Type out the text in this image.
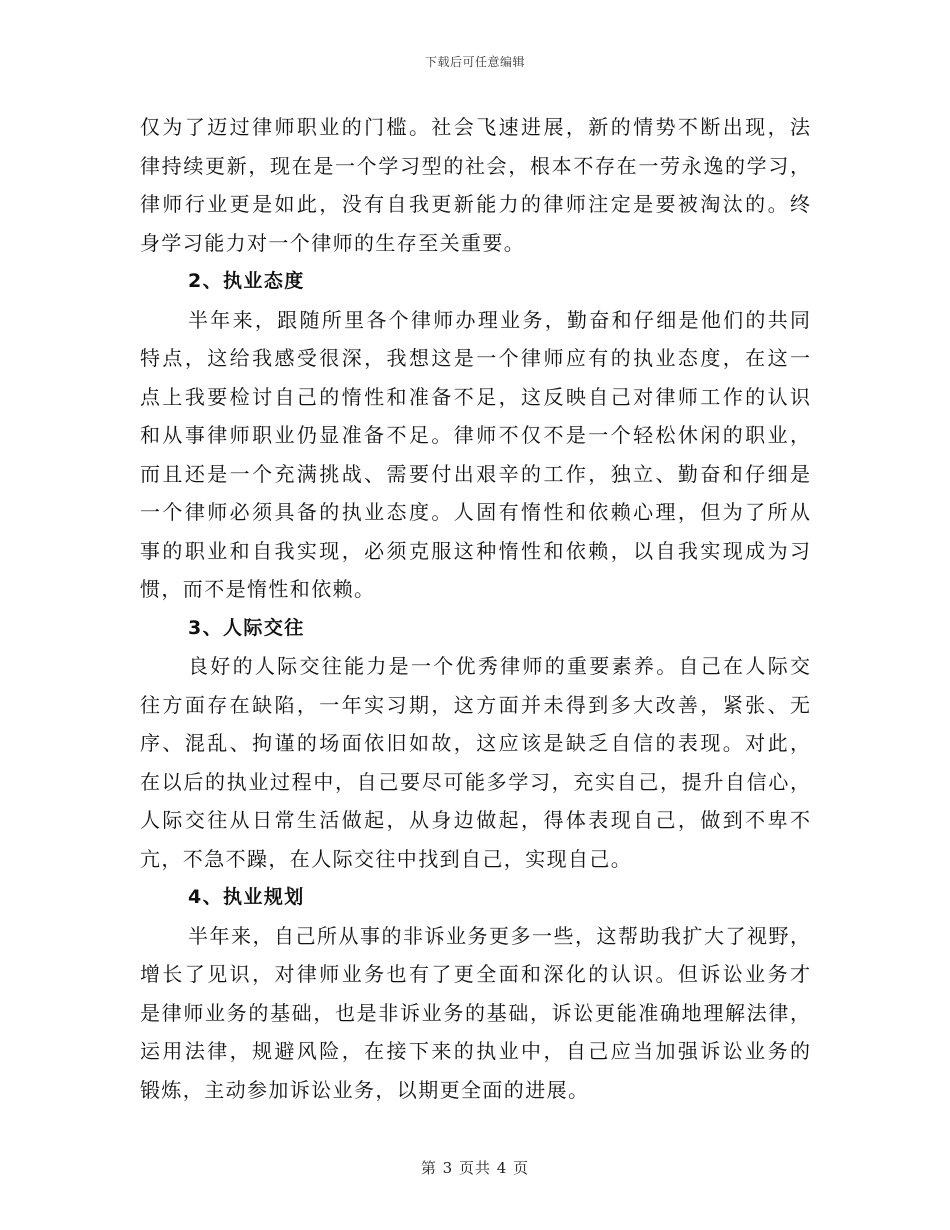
下载后可任意编辑
仅为了迈过律师职业的门槛。社会飞速进展，新的情势不断出现，法
律持续更新，现在是一个学习型的社会，根本不存在一劳永逸的学习，
律师行业更是如此，没有自我更新能力的律师注定是要被淘汰的。终
身学习能力对一个律师的生存至关重要。
2、执业态度
半年来，跟随所里各个律师办理业务，勤奋和仔细是他们的共同
特点，这给我感受很深，我想这是一个律师应有的执业态度，在这一
点上我要检讨自己的惰性和准备不足，这反映自己对律师工作的认识
和从事律师职业仍显准备不足。律师不仅不是一个轻松休闲的职业，
而且还是一个充满挑战、需要付出艰辛的工作，独立、勤奋和仔细是
一个律师必须具备的执业态度。人固有惰性和依赖心理，但为了所从
事的职业和自我实现，必须克服这种惰性和依赖，以自我实现成为习
惯，而不是惰性和依赖。
3、人际交往
良好的人际交往能力是一个优秀律师的重要素养。自己在人际交
往方面存在缺陷，一年实习期，这方面并未得到多大改善，紧张、无
序、混乱、拘谨的场面依旧如故，这应该是缺乏自信的表现。对此，
在以后的执业过程中，自己要尽可能多学习，充实自己，提升自信心，
人际交往从日常生活做起，从身边做起，得体表现自己，做到不卑不
亢，不急不躁，在人际交往中找到自己，实现自己。
4、执业规划
半年来，自己所从事的非诉业务更多一些，这帮助我扩大了视野，
增长了见识，对律师业务也有了更全面和深化的认识。但诉讼业务才
是律师业务的基础，也是非诉业务的基础，诉讼更能准确地理解法律，
运用法律，规避风险，在接下来的执业中，自己应当加强诉讼业务的
锻炼，主动参加诉讼业务，以期更全面的进展。
第 3 页共 4 页
